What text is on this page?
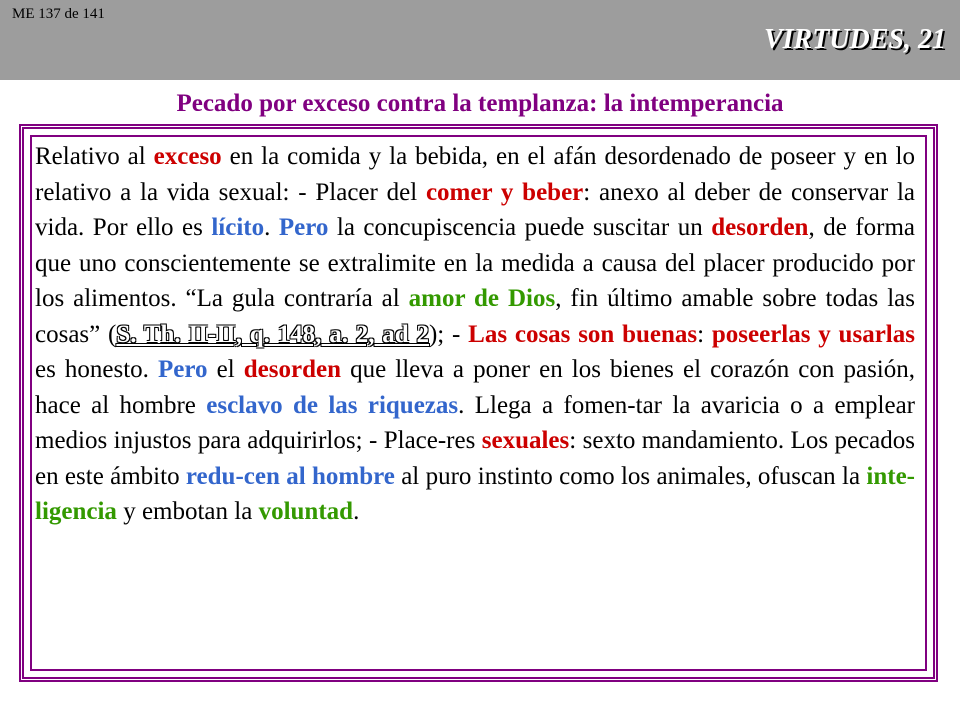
ME 137 de 141
VIRTUDES, 21
Pecado por exceso contra la templanza: la intemperancia

Relativo al exceso en la comida y la bebida, en el afán desordenado de poseer y en lo relativo a la vida sexual: - Placer del comer y beber: anexo al deber de conservar la vida. Por ello es lícito. Pero la concupiscencia puede suscitar un desorden, de forma que uno conscientemente se extralimite en la medida a causa del placer producido por los alimentos. “La gula contraría al amor de Dios, fin último amable sobre todas las cosas” (S. Th. II-II, q. 148, a. 2, ad 2); - Las cosas son buenas: poseerlas y usarlas es honesto. Pero el desorden que lleva a poner en los bienes el corazón con pasión, hace al hombre esclavo de las riquezas. Llega a fomen-tar la avaricia o a emplear medios injustos para adquirirlos; - Place-res sexuales: sexto mandamiento. Los pecados en este ámbito redu-cen al hombre al puro instinto como los animales, ofuscan la inte-ligencia y embotan la voluntad.
